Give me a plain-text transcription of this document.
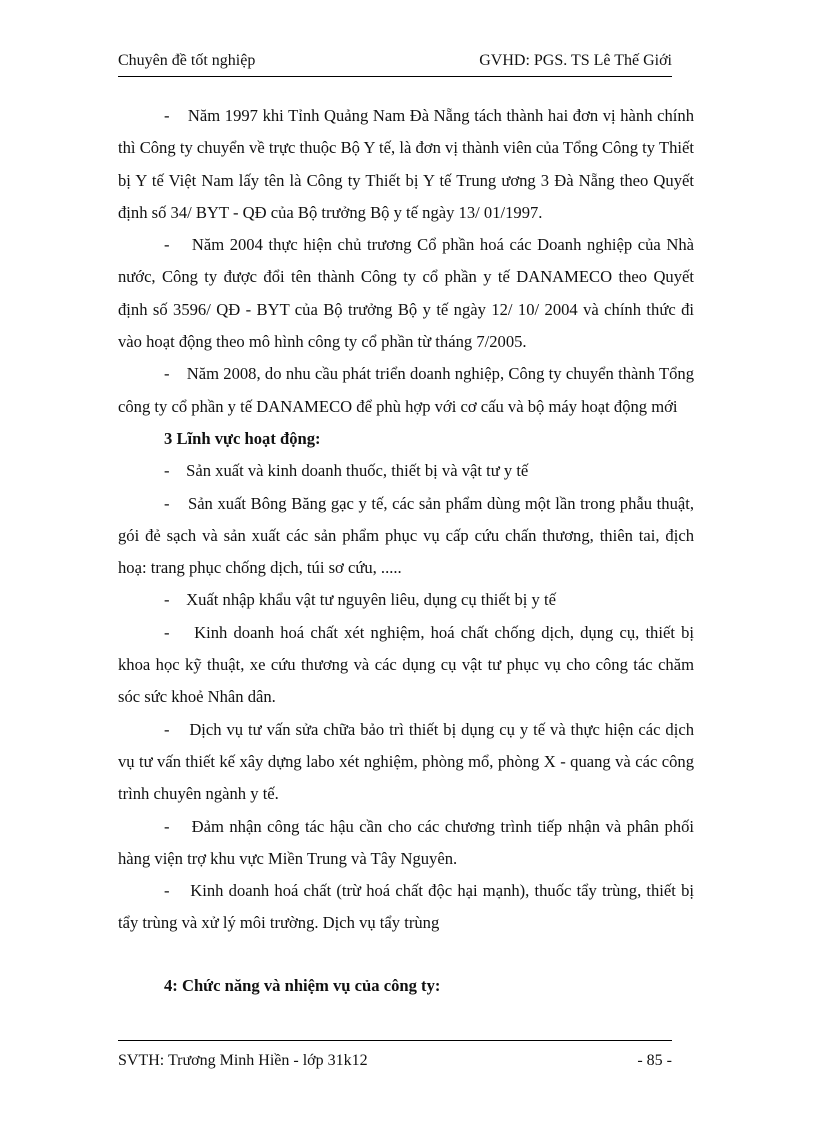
Chuyên đề tốt nghiệp	GVHD: PGS. TS Lê Thế Giới

-    Năm 1997 khi Tỉnh Quảng Nam Đà Nẵng tách thành hai đơn vị hành chính thì Công ty chuyển về trực thuộc Bộ Y tế, là đơn vị thành viên của Tổng Công ty Thiết bị Y tế Việt Nam lấy tên là Công ty Thiết bị Y tế Trung ương 3 Đà Nẵng theo Quyết định số 34/ BYT - QĐ của Bộ trưởng Bộ y tế ngày 13/ 01/1997.

-    Năm 2004 thực hiện chủ trương Cổ phần hoá các Doanh nghiệp của Nhà nước, Công ty được đổi tên thành Công ty cổ phần y tế DANAMECO theo Quyết định số 3596/ QĐ - BYT của Bộ trưởng Bộ y tế ngày 12/ 10/ 2004 và chính thức đi vào hoạt động theo mô hình công ty cổ phần từ tháng 7/2005.

-    Năm 2008, do nhu cầu phát triển doanh nghiệp, Công ty chuyển thành Tổng công ty cổ phần y tế DANAMECO để phù hợp với cơ cấu và bộ máy hoạt động mới

3 Lĩnh vực hoạt động:

-    Sản xuất và kinh doanh thuốc, thiết bị và vật tư y tế

-    Sản xuất Bông Băng gạc y tế, các sản phẩm dùng một lần trong phẫu thuật, gói đẻ sạch và sản xuất các sản phẩm phục vụ cấp cứu chấn thương, thiên tai, địch hoạ: trang phục chống dịch, túi sơ cứu, .....

-    Xuất nhập khẩu vật tư nguyên liêu, dụng cụ thiết bị y tế

-    Kinh doanh hoá chất xét nghiệm, hoá chất chống dịch, dụng cụ, thiết bị khoa học kỹ thuật, xe cứu thương và các dụng cụ vật tư phục vụ cho công tác chăm sóc sức khoẻ Nhân dân.

-    Dịch vụ tư vấn sửa chữa bảo trì thiết bị dụng cụ y tế và thực hiện các dịch vụ tư vấn thiết kế xây dựng labo xét nghiệm, phòng mổ, phòng X - quang và các công trình chuyên ngành y tế.

-    Đảm nhận công tác hậu cần cho các chương trình tiếp nhận và phân phối hàng viện trợ khu vực Miền Trung và Tây Nguyên.

-    Kinh doanh hoá chất (trừ hoá chất độc hại mạnh), thuốc tẩy trùng, thiết bị tẩy trùng và xử lý môi trường. Dịch vụ tẩy trùng

4: Chức năng và nhiệm vụ của công ty:

SVTH: Trương Minh Hiền - lớp 31k12	- 85 -
